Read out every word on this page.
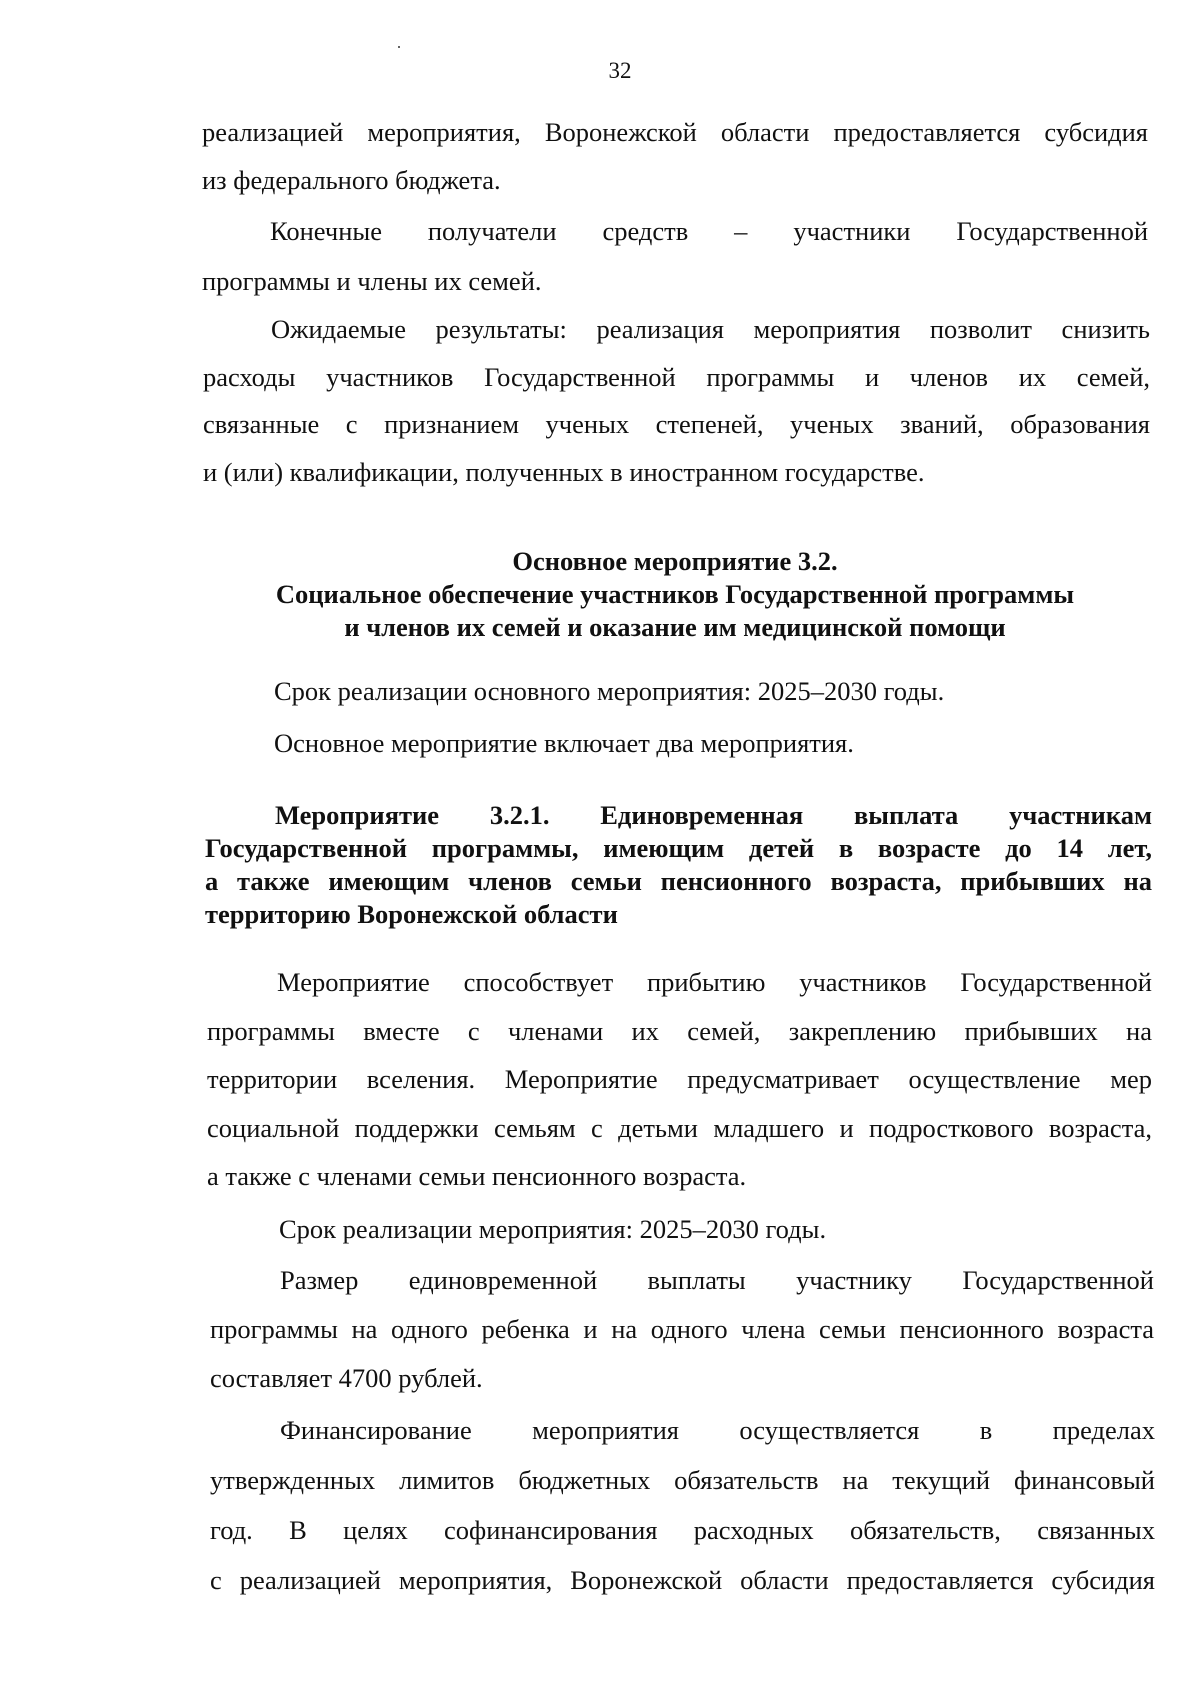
32
реализацией мероприятия, Воронежской области предоставляется субсидия
из федерального бюджета.
Конечные получатели средств – участники Государственной
программы и члены их семей.
Ожидаемые результаты: реализация мероприятия позволит снизить
расходы участников Государственной программы и членов их семей,
связанные с признанием ученых степеней, ученых званий, образования
и (или) квалификации, полученных в иностранном государстве.
Основное мероприятие 3.2.
Социальное обеспечение участников Государственной программы
и членов их семей и оказание им медицинской помощи
Срок реализации основного мероприятия: 2025–2030 годы.
Основное мероприятие включает два мероприятия.
Мероприятие 3.2.1. Единовременная выплата участникам
Государственной программы, имеющим детей в возрасте до 14 лет,
а также имеющим членов семьи пенсионного возраста, прибывших на
территорию Воронежской области
Мероприятие способствует прибытию участников Государственной
программы вместе с членами их семей, закреплению прибывших на
территории вселения. Мероприятие предусматривает осуществление мер
социальной поддержки семьям с детьми младшего и подросткового возраста,
а также с членами семьи пенсионного возраста.
Срок реализации мероприятия: 2025–2030 годы.
Размер единовременной выплаты участнику Государственной
программы на одного ребенка и на одного члена семьи пенсионного возраста
составляет 4700 рублей.
Финансирование мероприятия осуществляется в пределах
утвержденных лимитов бюджетных обязательств на текущий финансовый
год. В целях софинансирования расходных обязательств, связанных
с реализацией мероприятия, Воронежской области предоставляется субсидия
